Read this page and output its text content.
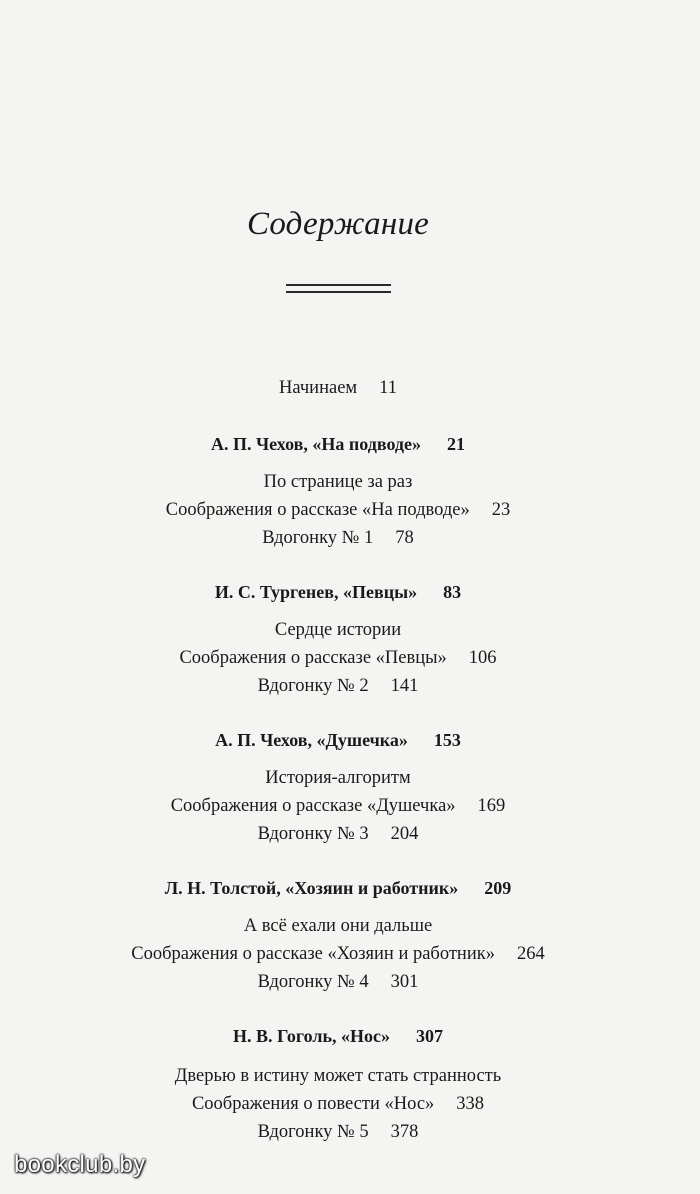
Содержание
Начинаем 11
А. П. Чехов, «На подводе» 21
По странице за раз
Соображения о рассказе «На подводе» 23
Вдогонку № 1 78
И. С. Тургенев, «Певцы» 83
Сердце истории
Соображения о рассказе «Певцы» 106
Вдогонку № 2 141
А. П. Чехов, «Душечка» 153
История-алгоритм
Соображения о рассказе «Душечка» 169
Вдогонку № 3 204
Л. Н. Толстой, «Хозяин и работник» 209
А всё ехали они дальше
Соображения о рассказе «Хозяин и работник» 264
Вдогонку № 4 301
Н. В. Гоголь, «Нос» 307
Дверью в истину может стать странность
Соображения о повести «Нос» 338
Вдогонку № 5 378
bookclub.by
